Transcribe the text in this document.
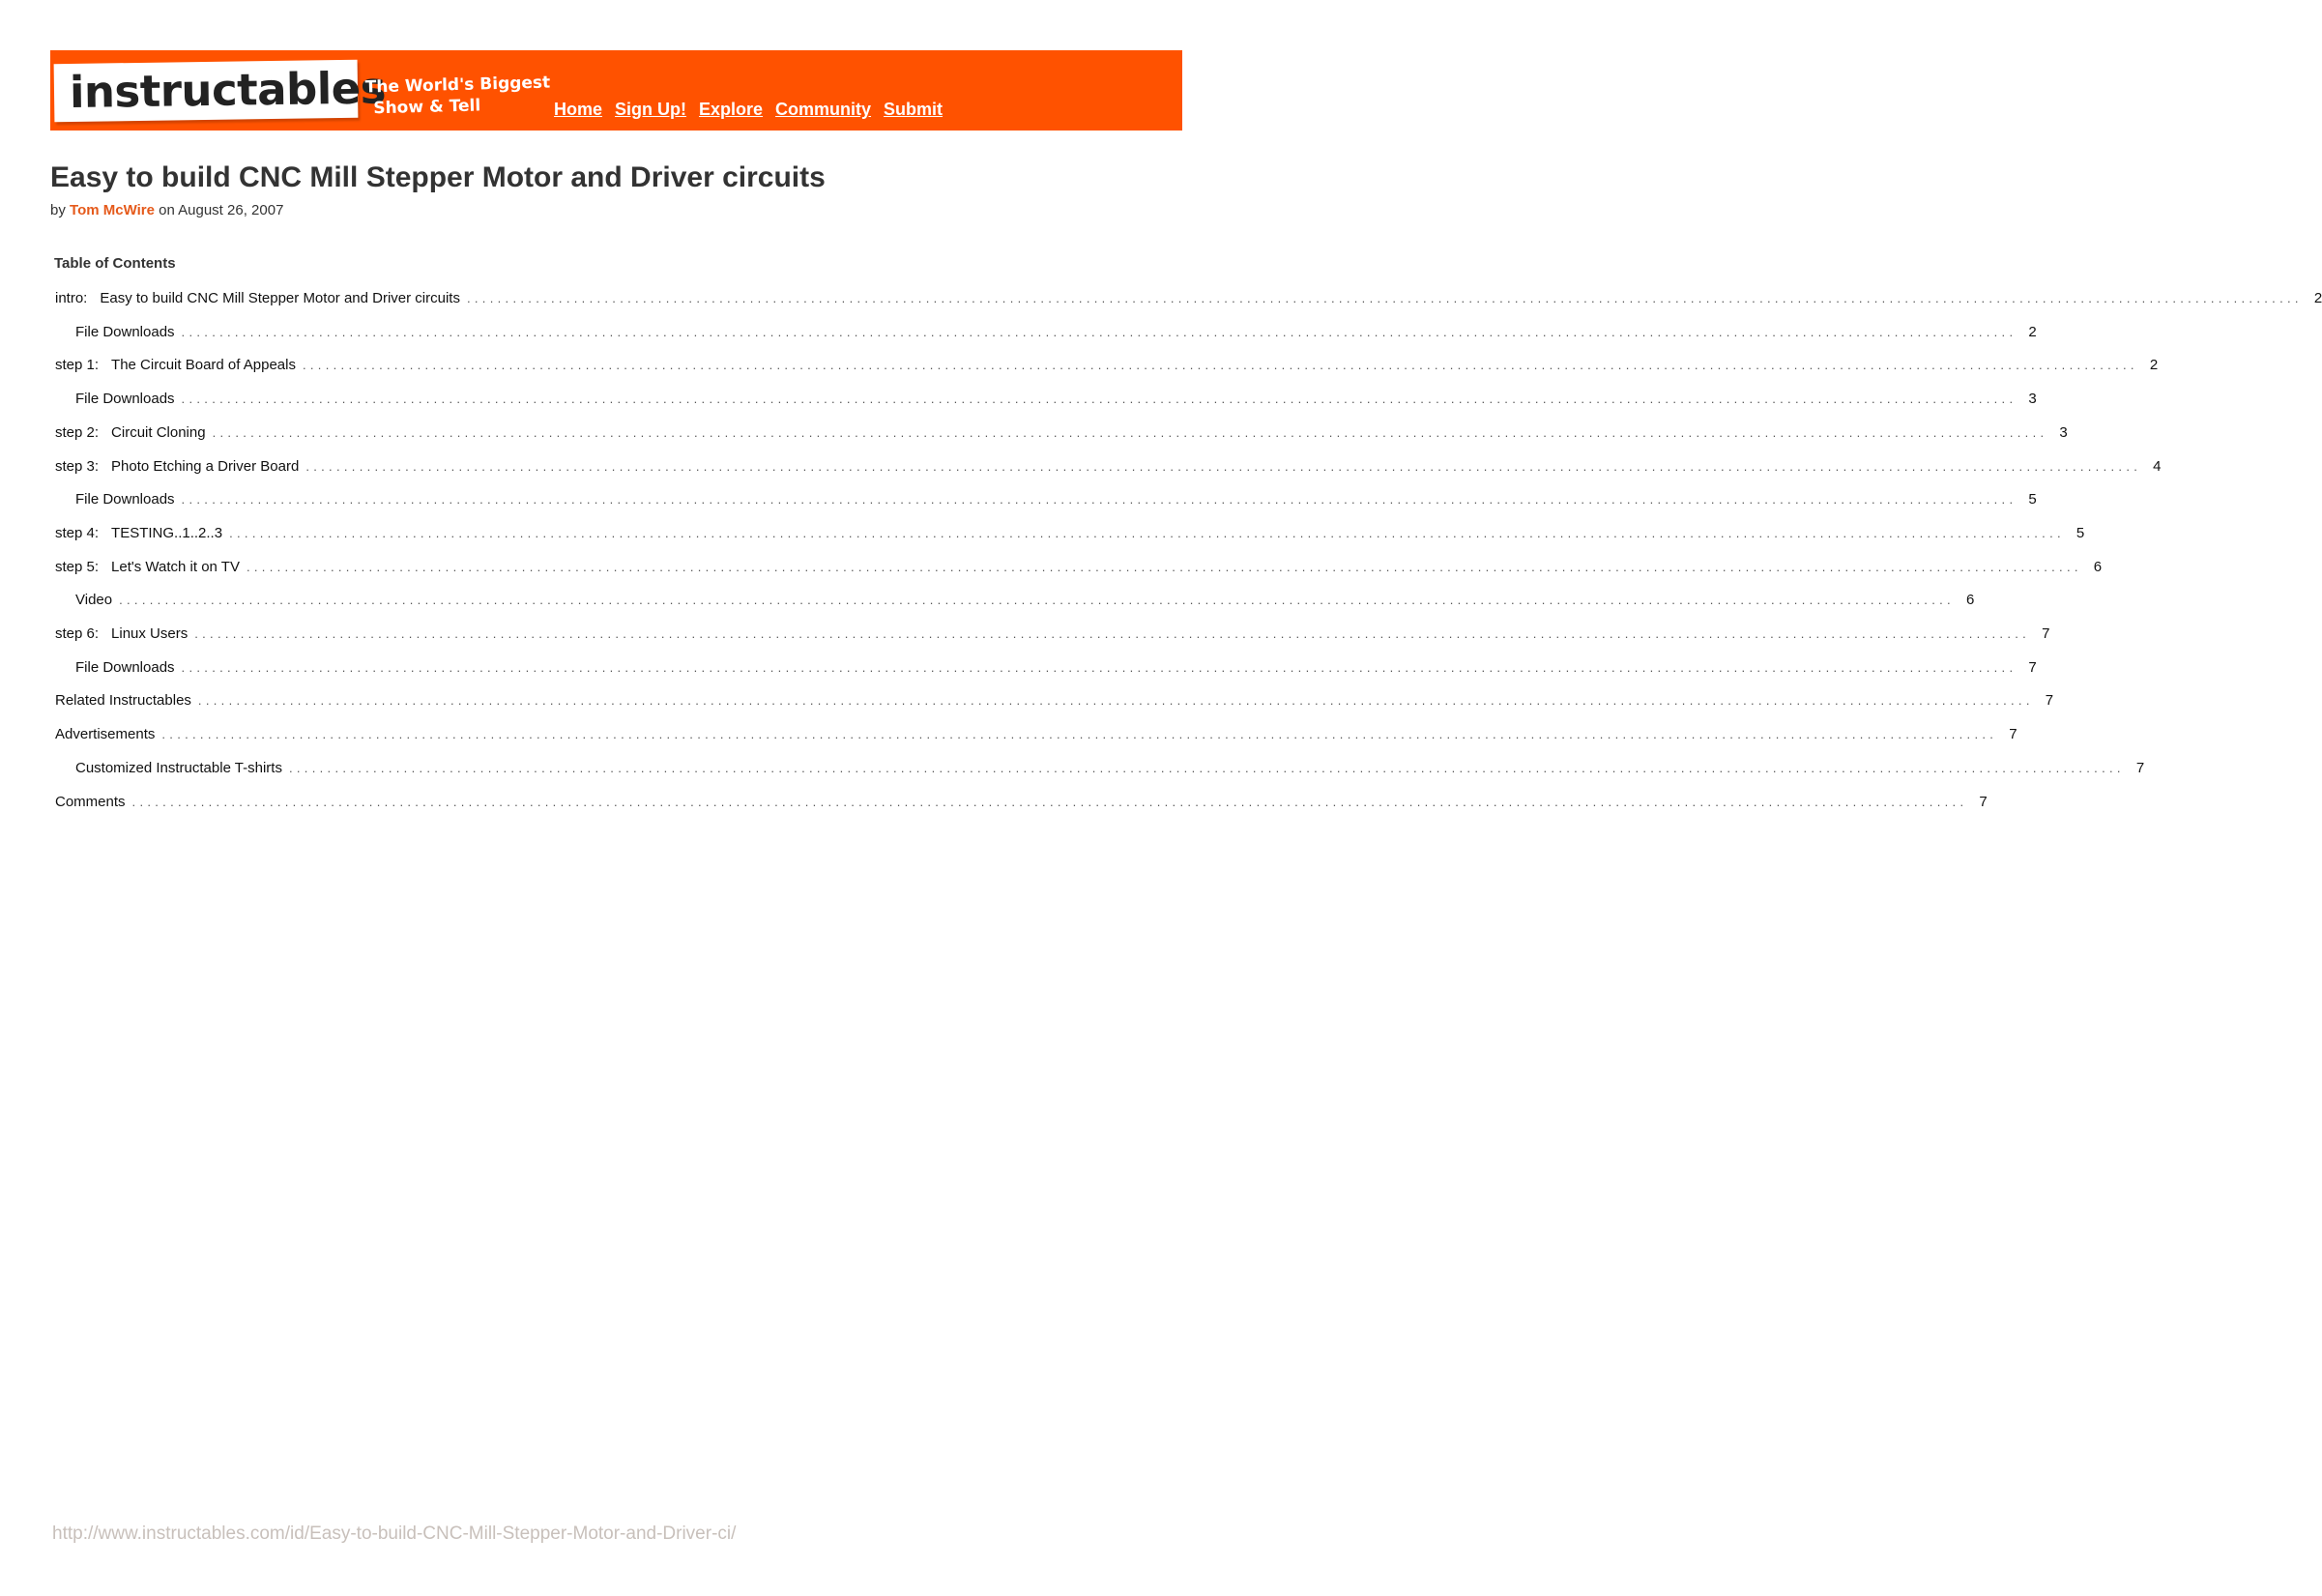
instructables
The World's Biggest
Show & Tell	Home Sign Up! Explore Community Submit
Easy to build CNC Mill Stepper Motor and Driver circuits
by Tom McWire on August 26, 2007
Table of Contents
intro: Easy to build CNC Mill Stepper Motor and Driver circuits ................................................................................................................................................................................................................................................ 2
File Downloads ................................................................................................................................................................................................................................................ 2
step 1: The Circuit Board of Appeals ................................................................................................................................................................................................................................................ 2
File Downloads ................................................................................................................................................................................................................................................ 3
step 2: Circuit Cloning ................................................................................................................................................................................................................................................ 3
step 3: Photo Etching a Driver Board ................................................................................................................................................................................................................................................ 4
File Downloads ................................................................................................................................................................................................................................................ 5
step 4: TESTING..1..2..3 ................................................................................................................................................................................................................................................ 5
step 5: Let's Watch it on TV ................................................................................................................................................................................................................................................ 6
Video ................................................................................................................................................................................................................................................ 6
step 6: Linux Users ................................................................................................................................................................................................................................................ 7
File Downloads ................................................................................................................................................................................................................................................ 7
Related Instructables ................................................................................................................................................................................................................................................ 7
Advertisements ................................................................................................................................................................................................................................................ 7
Customized Instructable T-shirts ................................................................................................................................................................................................................................................ 7
Comments ................................................................................................................................................................................................................................................ 7
http://www.instructables.com/id/Easy-to-build-CNC-Mill-Stepper-Motor-and-Driver-ci/
